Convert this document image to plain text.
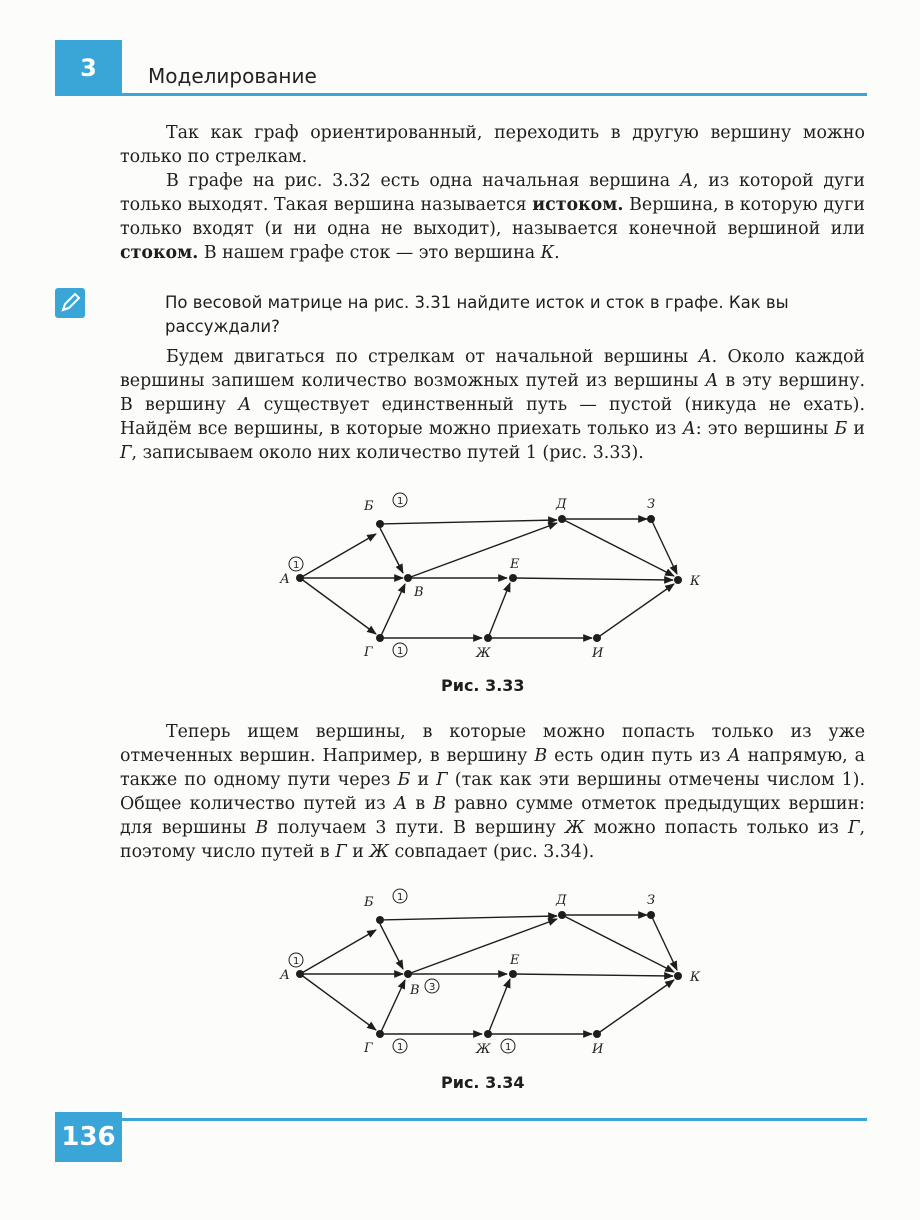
3	Моделирование

Так как граф ориентированный, переходить в другую вершину можно только по стрелкам.

В графе на рис. 3.32 есть одна начальная вершина А, из которой дуги только выходят. Такая вершина называется истоком. Вершина, в которую дуги только входят (и ни одна не выходит), называется конечной вершиной или стоком. В нашем графе сток — это вершина К.

По весовой матрице на рис. 3.31 найдите исток и сток в графе. Как вы рассуждали?

Будем двигаться по стрелкам от начальной вершины А. Около каждой вершины запишем количество возможных путей из вершины А в эту вершину. В вершину А существует единственный путь — пустой (никуда не ехать). Найдём все вершины, в которые можно приехать только из А: это вершины Б и Г, записываем около них количество путей 1 (рис. 3.33).

А
Б
В
Г
Д
Е
Ж
З
И
К
1
1
1
Рис. 3.33

Теперь ищем вершины, в которые можно попасть только из уже отмеченных вершин. Например, в вершину В есть один путь из А напрямую, а также по одному пути через Б и Г (так как эти вершины отмечены числом 1). Общее количество путей из А в В равно сумме отметок предыдущих вершин: для вершины В получаем 3 пути. В вершину Ж можно попасть только из Г, поэтому число путей в Г и Ж совпадает (рис. 3.34).

А
Б
В
Г
Д
Е
Ж
З
И
К
1
1
3
1	1
Рис. 3.34
136
